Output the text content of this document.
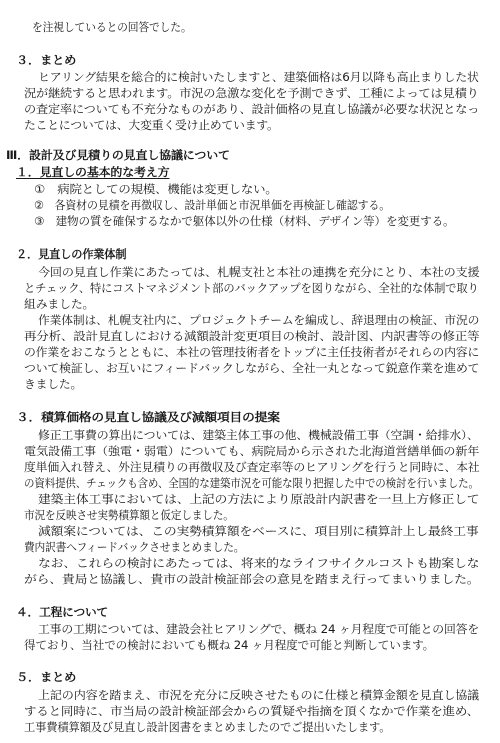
を注視しているとの回答でした。
３．まとめ
ヒアリング結果を総合的に検討いたしますと、建築価格は6月以降も高止まりした状
況が継続すると思われます。市況の急激な変化を予測できず、工種によっては見積り
の査定率についても不充分なものがあり、設計価格の見直し協議が必要な状況となっ
たことについては、大変重く受け止めています。
Ⅲ．設計及び見積りの見直し協議について
１．見直しの基本的な考え方
①　病院としての規模、機能は変更しない。
②　各資材の見積を再徴収し、設計単価と市況単価を再検証し確認する。
③　建物の質を確保するなかで躯体以外の仕様（材料、デザイン等）を変更する。
２．見直しの作業体制
今回の見直し作業にあたっては、札幌支社と本社の連携を充分にとり、本社の支援
とチェック、特にコストマネジメント部のバックアップを図りながら、全社的な体制で取り
組みました。
作業体制は、札幌支社内に、プロジェクトチームを編成し、辞退理由の検証、市況の
再分析、設計見直しにおける減額設計変更項目の検討、設計図、内訳書等の修正等
の作業をおこなうとともに、本社の管理技術者をトップに主任技術者がそれらの内容に
ついて検証し、お互いにフィードバックしながら、全社一丸となって鋭意作業を進めて
きました。
３．積算価格の見直し協議及び減額項目の提案
修正工事費の算出については、建築主体工事の他、機械設備工事（空調・給排水）、
電気設備工事（強電・弱電）についても、病院局から示された北海道営繕単価の新年
度単価入れ替え、外注見積りの再徴収及び査定率等のヒアリングを行うと同時に、本社
の資料提供、チェックも含め、全国的な建築市況を可能な限り把握した中での検討を行いました。
建築主体工事においては、上記の方法により原設計内訳書を一旦上方修正して
市況を反映させ実勢積算額と仮定しました。
減額案については、この実勢積算額をベースに、項目別に積算計上し最終工事
費内訳書へフィードバックさせまとめました。
なお、これらの検討にあたっては、将来的なライフサイクルコストも勘案しな
がら、貴局と協議し、貴市の設計検証部会の意見を踏まえ行ってまいりました。
４．工程について
工事の工期については、建設会社ヒアリングで、概ね 24 ヶ月程度で可能との回答を
得ており、当社での検討においても概ね 24 ヶ月程度で可能と判断しています。
５．まとめ
上記の内容を踏まえ、市況を充分に反映させたものに仕様と積算金額を見直し協議
すると同時に、市当局の設計検証部会からの質疑や指摘を頂くなかで作業を進め、
工事費積算額及び見直し設計図書をまとめましたのでご提出いたします。
